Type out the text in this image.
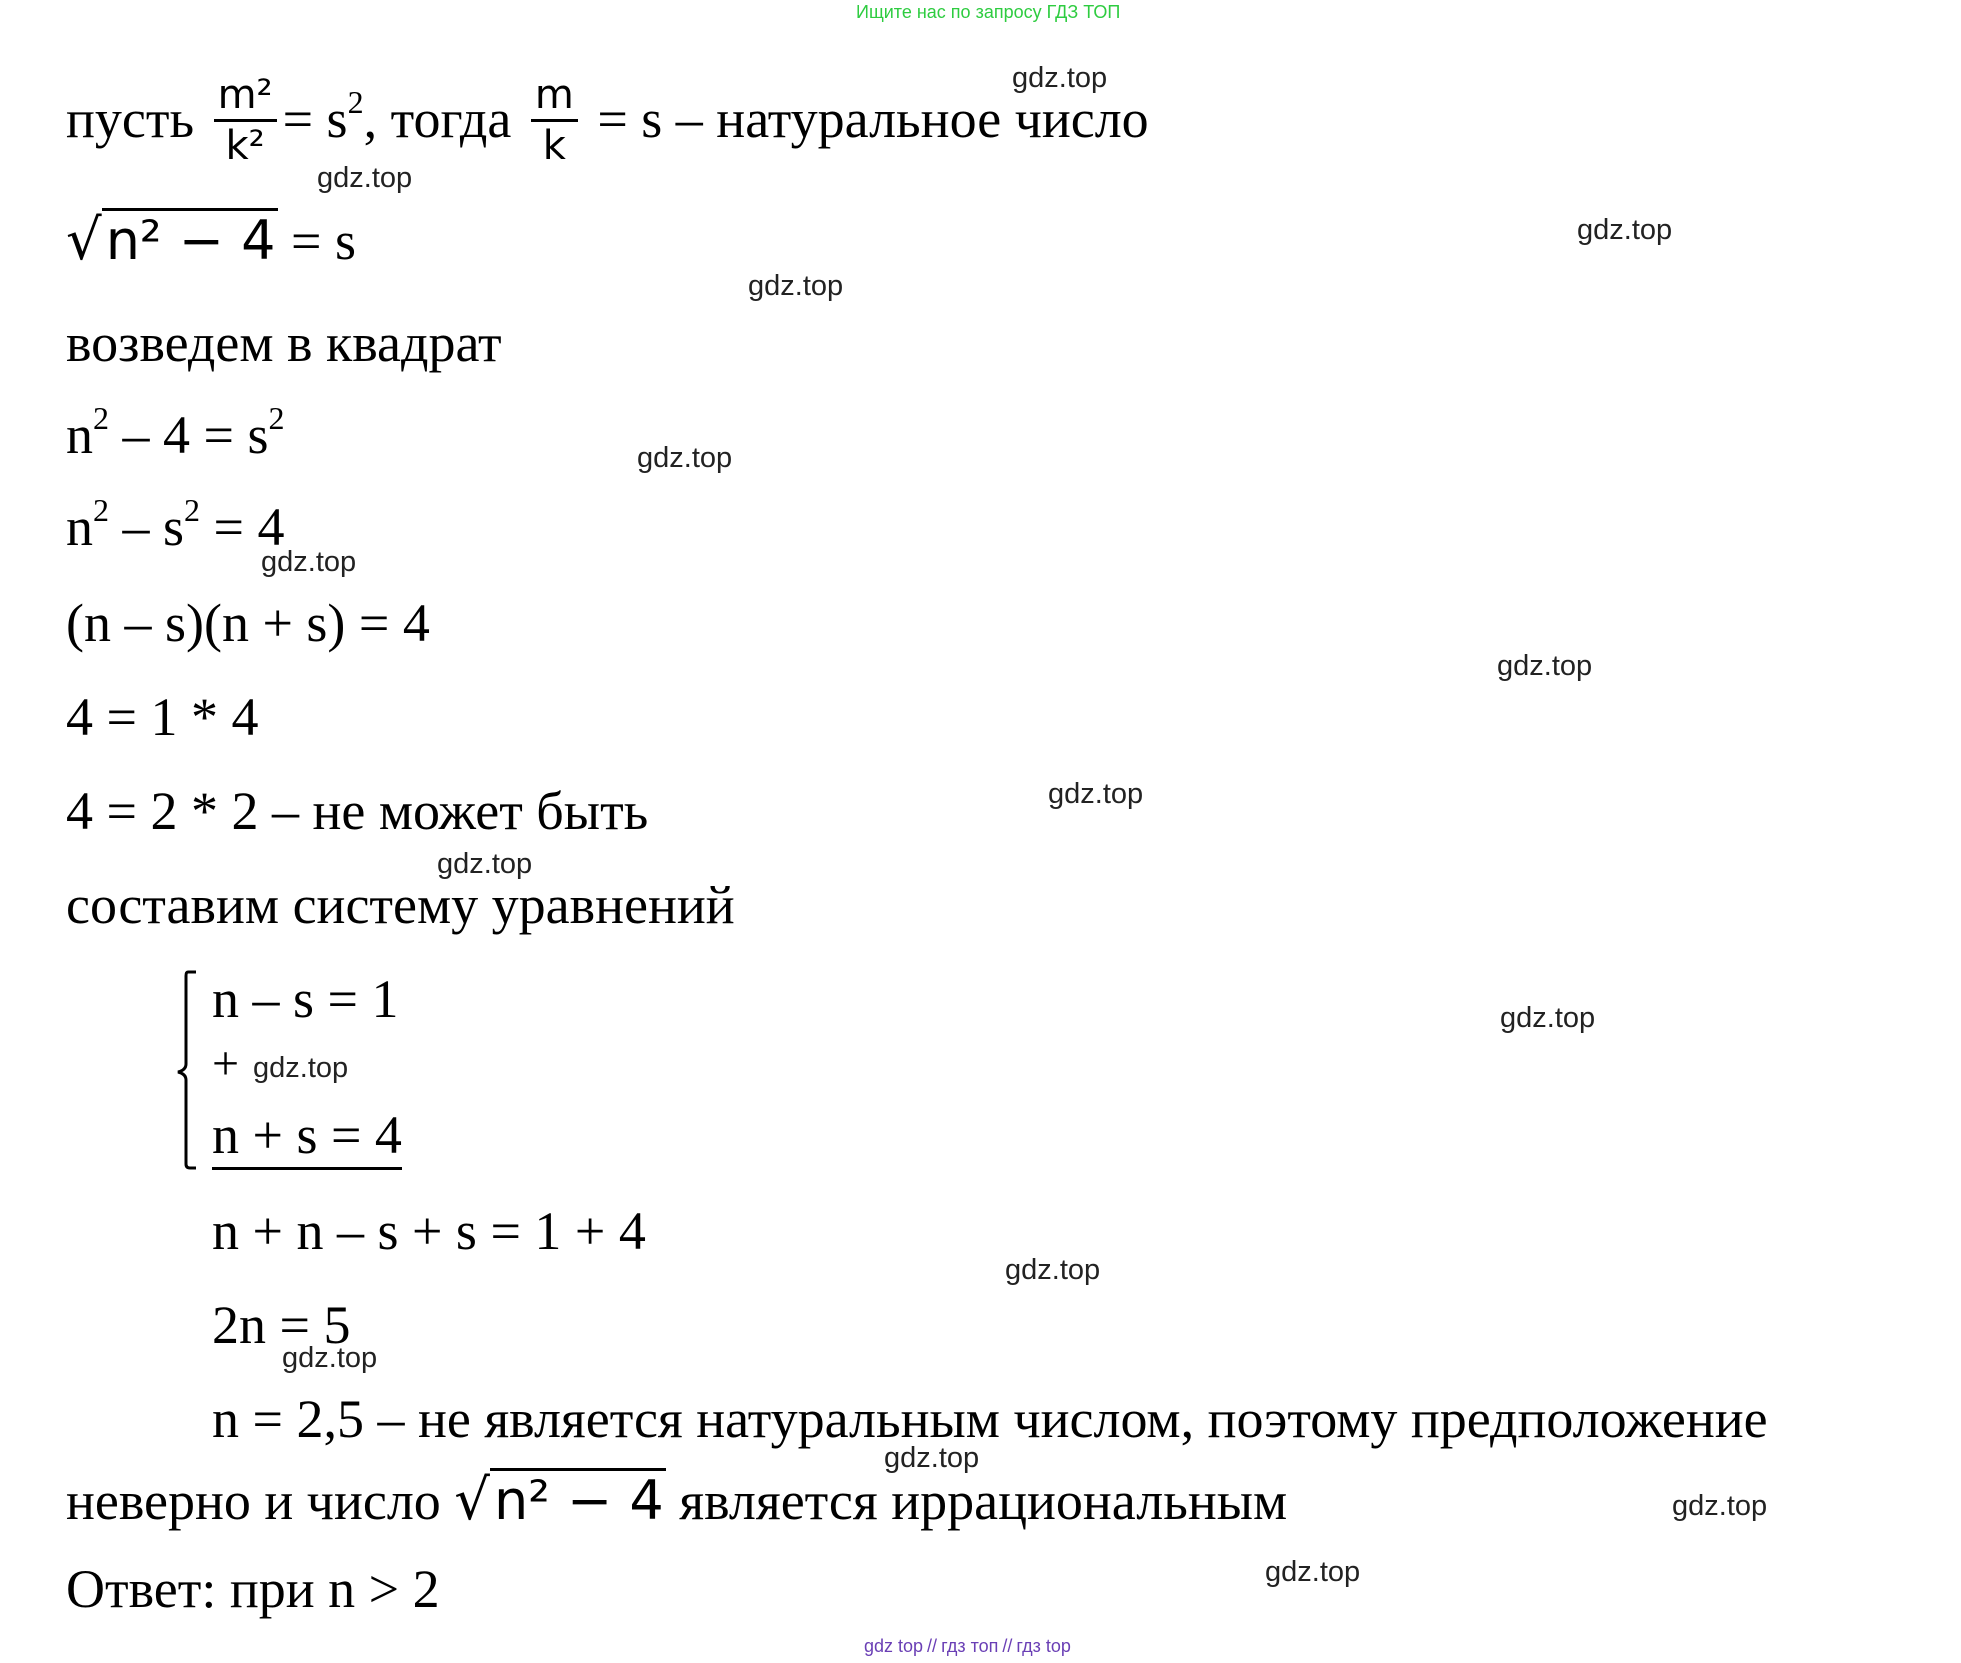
Ищите нас по запросу ГДЗ ТОП
пусть $\frac{\text{m²}}{\text{k²}} = s^2$, тогда $\frac{m}{k} = s$ – натуральное число
√n² − 4 = s
возведем в квадрат
$n^2 - 4 = s^2$
$n^2 - s^2 = 4$
(n – s)(n + s) = 4
4 = 1 * 4
4 = 2 * 2 – не может быть
составим систему уравнений
n – s = 1
+
n + s = 4
n + n – s + s = 1 + 4
2n = 5
n = 2,5 – не является натуральным числом, поэтому предположение
неверно и число √n² − 4 является иррациональным
Ответ: при n > 2
gdz.top
gdz.top
gdz.top
gdz.top
gdz.top
gdz.top
gdz.top
gdz.top
gdz.top
gdz.top
gdz.top
gdz.top
gdz.top
gdz.top
gdz.top
gdz.top
gdz top // гдз топ // гдз top
